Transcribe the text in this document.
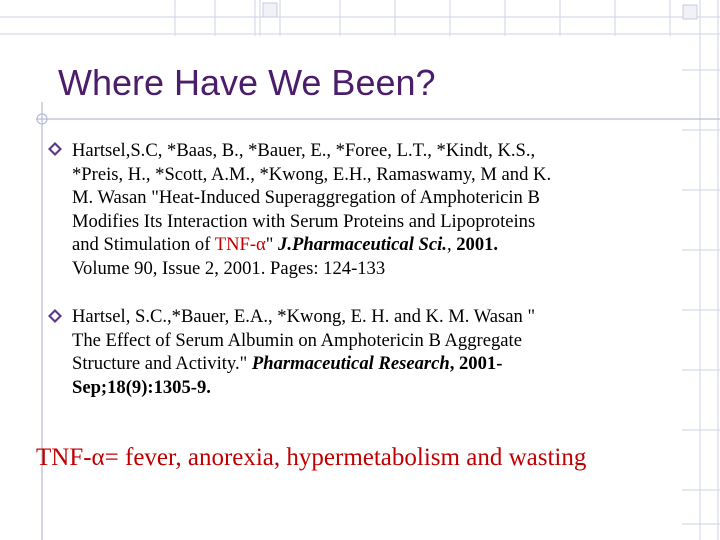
Where Have We Been?
Hartsel,S.C, *Baas, B., *Bauer, E., *Foree, L.T., *Kindt, K.S.,
*Preis, H., *Scott, A.M., *Kwong, E.H., Ramaswamy, M and K.
M. Wasan "Heat-Induced Superaggregation of Amphotericin B
Modifies Its Interaction with Serum Proteins and Lipoproteins
and Stimulation of TNF-α" J.Pharmaceutical Sci., 2001.
Volume 90, Issue 2, 2001. Pages: 124-133
Hartsel, S.C.,*Bauer, E.A., *Kwong, E. H. and K. M. Wasan "
The Effect of Serum Albumin on Amphotericin B Aggregate
Structure and Activity." Pharmaceutical Research, 2001-
Sep;18(9):1305-9.
TNF-α= fever, anorexia, hypermetabolism and wasting
